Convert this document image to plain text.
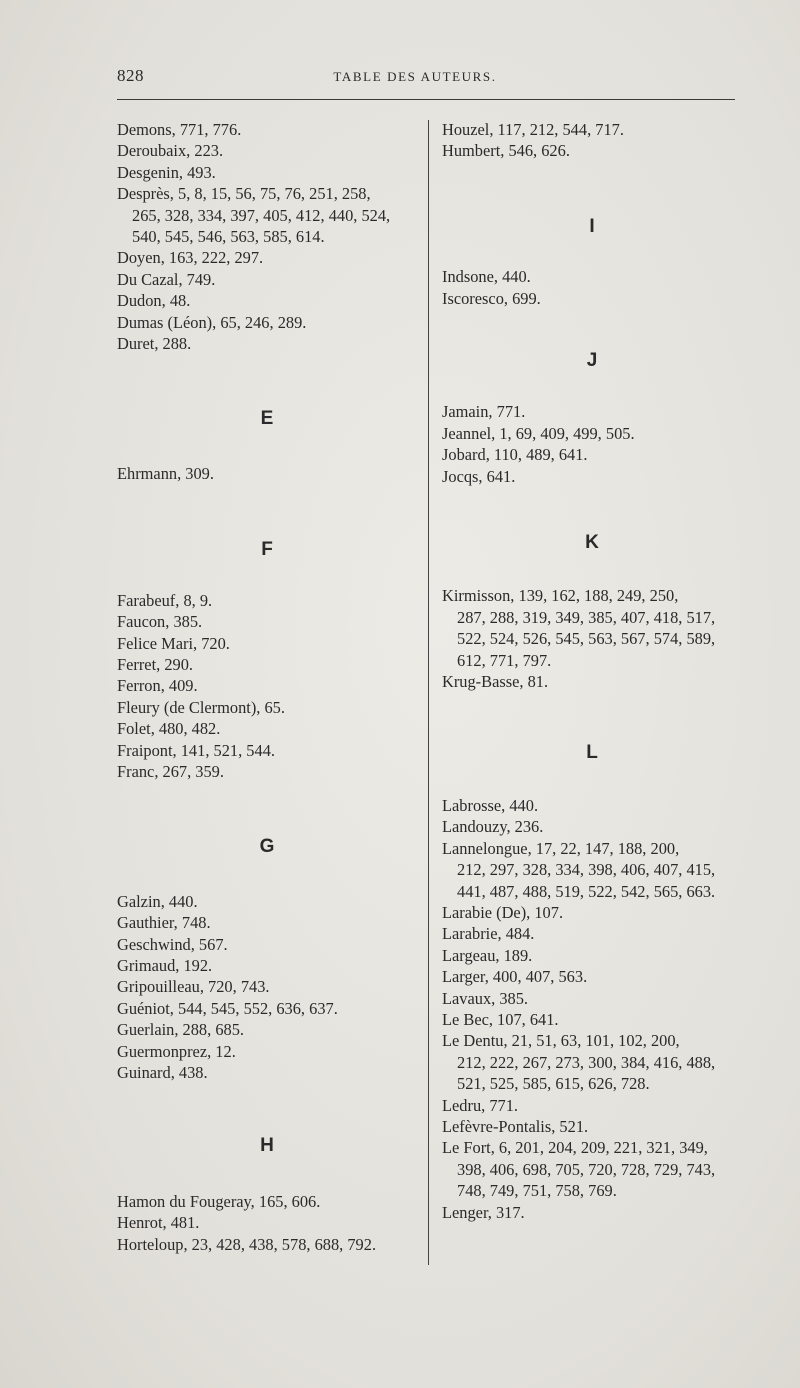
828	TABLE DES AUTEURS.
Demons, 771, 776.
Deroubaix, 223.
Desgenin, 493.
Desprès, 5, 8, 15, 56, 75, 76, 251, 258,
265, 328, 334, 397, 405, 412, 440, 524,
540, 545, 546, 563, 585, 614.
Doyen, 163, 222, 297.
Du Cazal, 749.
Dudon, 48.
Dumas (Léon), 65, 246, 289.
Duret, 288.
E
Ehrmann, 309.
F
Farabeuf, 8, 9.
Faucon, 385.
Felice Mari, 720.
Ferret, 290.
Ferron, 409.
Fleury (de Clermont), 65.
Folet, 480, 482.
Fraipont, 141, 521, 544.
Franc, 267, 359.
G
Galzin, 440.
Gauthier, 748.
Geschwind, 567.
Grimaud, 192.
Gripouilleau, 720, 743.
Guéniot, 544, 545, 552, 636, 637.
Guerlain, 288, 685.
Guermonprez, 12.
Guinard, 438.
H
Hamon du Fougeray, 165, 606.
Henrot, 481.
Horteloup, 23, 428, 438, 578, 688, 792.
Houzel, 117, 212, 544, 717.
Humbert, 546, 626.
I
Indsone, 440.
Iscoresco, 699.
J
Jamain, 771.
Jeannel, 1, 69, 409, 499, 505.
Jobard, 110, 489, 641.
Jocqs, 641.
K
Kirmisson, 139, 162, 188, 249, 250,
287, 288, 319, 349, 385, 407, 418, 517,
522, 524, 526, 545, 563, 567, 574, 589,
612, 771, 797.
Krug-Basse, 81.
L
Labrosse, 440.
Landouzy, 236.
Lannelongue, 17, 22, 147, 188, 200,
212, 297, 328, 334, 398, 406, 407, 415,
441, 487, 488, 519, 522, 542, 565, 663.
Larabie (De), 107.
Larabrie, 484.
Largeau, 189.
Larger, 400, 407, 563.
Lavaux, 385.
Le Bec, 107, 641.
Le Dentu, 21, 51, 63, 101, 102, 200,
212, 222, 267, 273, 300, 384, 416, 488,
521, 525, 585, 615, 626, 728.
Ledru, 771.
Lefèvre-Pontalis, 521.
Le Fort, 6, 201, 204, 209, 221, 321, 349,
398, 406, 698, 705, 720, 728, 729, 743,
748, 749, 751, 758, 769.
Lenger, 317.
